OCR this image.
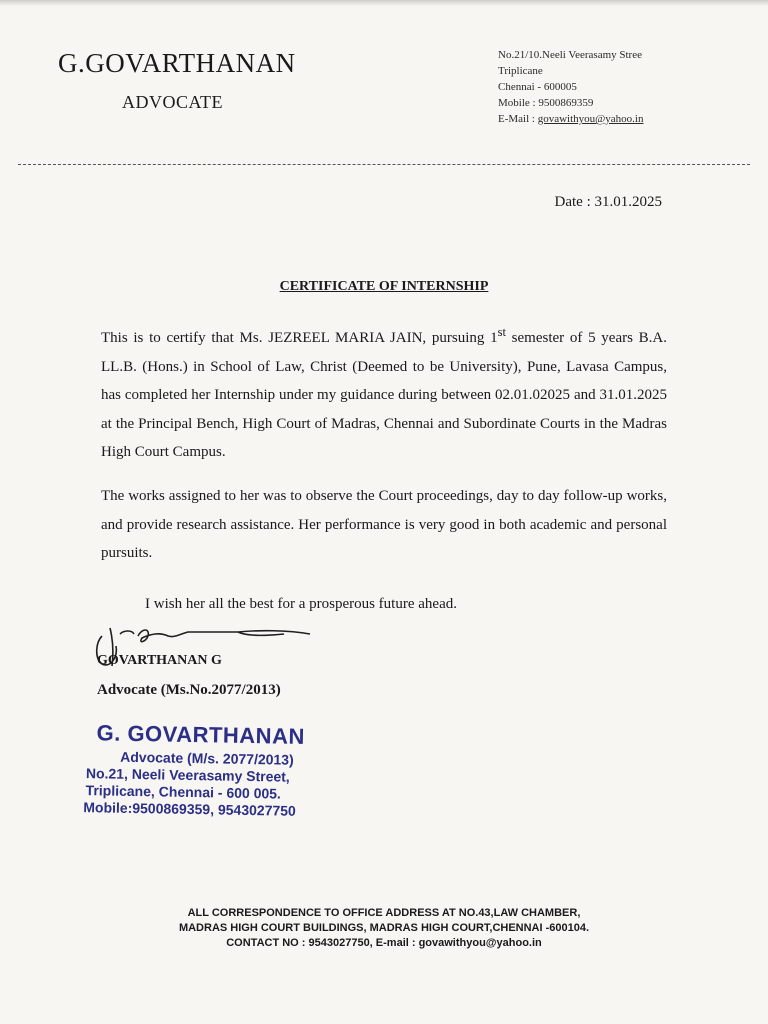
G.GOVARTHANAN
ADVOCATE
No.21/10.Neeli Veerasamy Stree
Triplicane
Chennai - 600005
Mobile : 9500869359
E-Mail : govawithyou@yahoo.in
Date : 31.01.2025
CERTIFICATE OF INTERNSHIP
This is to certify that Ms. JEZREEL MARIA JAIN, pursuing 1st semester of 5 years B.A. LL.B. (Hons.) in School of Law, Christ (Deemed to be University), Pune, Lavasa Campus, has completed her Internship under my guidance during between 02.01.02025 and 31.01.2025 at the Principal Bench, High Court of Madras, Chennai and Subordinate Courts in the Madras High Court Campus.
The works assigned to her was to observe the Court proceedings, day to day follow-up works, and provide research assistance. Her performance is very good in both academic and personal pursuits.
I wish her all the best for a prosperous future ahead.
GOVARTHANAN G
Advocate (Ms.No.2077/2013)
G. GOVARTHANAN
Advocate (M/s. 2077/2013)
No.21, Neeli Veerasamy Street,
Triplicane, Chennai - 600 005.
Mobile:9500869359, 9543027750
ALL CORRESPONDENCE TO OFFICE ADDRESS AT NO.43,LAW CHAMBER,
MADRAS HIGH COURT BUILDINGS, MADRAS HIGH COURT,CHENNAI -600104.
CONTACT NO : 9543027750, E-mail : govawithyou@yahoo.in
